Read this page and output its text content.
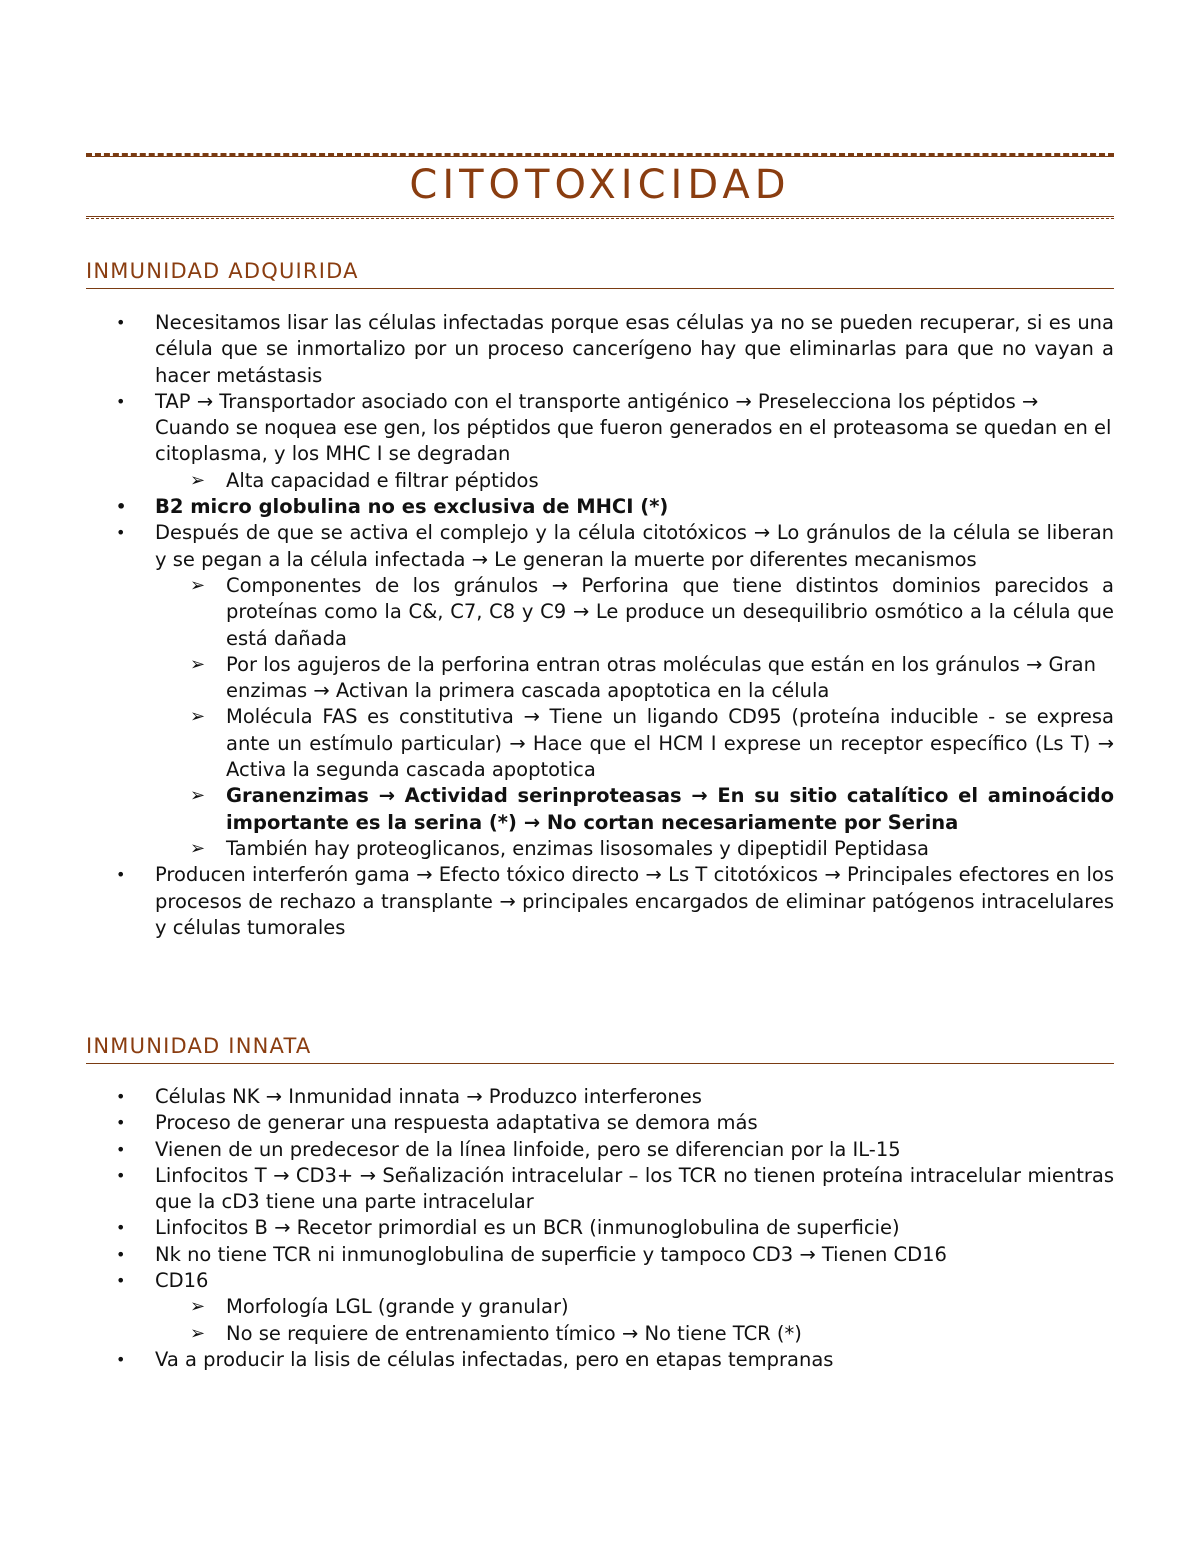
CITOTOXICIDAD
INMUNIDAD ADQUIRIDA
• Necesitamos lisar las células infectadas porque esas células ya no se pueden recuperar, si es una célula que se inmortalizo por un proceso cancerígeno hay que eliminarlas para que no vayan a hacer metástasis
• TAP → Transportador asociado con el transporte antigénico → Preselecciona los péptidos → Cuando se noquea ese gen, los péptidos que fueron generados en el proteasoma se quedan en el citoplasma, y los MHC I se degradan
➢ Alta capacidad e filtrar péptidos
• B2 micro globulina no es exclusiva de MHCI (*)
• Después de que se activa el complejo y la célula citotóxicos → Lo gránulos de la célula se liberan y se pegan a la célula infectada → Le generan la muerte por diferentes mecanismos
➢ Componentes de los gránulos → Perforina que tiene distintos dominios parecidos a proteínas como la C&, C7, C8 y C9 → Le produce un desequilibrio osmótico a la célula que está dañada
➢ Por los agujeros de la perforina entran otras moléculas que están en los gránulos → Gran enzimas → Activan la primera cascada apoptotica en la célula
➢ Molécula FAS es constitutiva → Tiene un ligando CD95 (proteína inducible - se expresa ante un estímulo particular) → Hace que el HCM I exprese un receptor específico (Ls T) → Activa la segunda cascada apoptotica
➢ Granenzimas → Actividad serinproteasas → En su sitio catalítico el aminoácido importante es la serina (*) → No cortan necesariamente por Serina
➢ También hay proteoglicanos, enzimas lisosomales y dipeptidil Peptidasa
• Producen interferón gama → Efecto tóxico directo → Ls T citotóxicos → Principales efectores en los procesos de rechazo a transplante → principales encargados de eliminar patógenos intracelulares y células tumorales
INMUNIDAD INNATA
• Células NK → Inmunidad innata → Produzco interferones
• Proceso de generar una respuesta adaptativa se demora más
• Vienen de un predecesor de la línea linfoide, pero se diferencian por la IL-15
• Linfocitos T → CD3+ → Señalización intracelular – los TCR no tienen proteína intracelular mientras que la cD3 tiene una parte intracelular
• Linfocitos B → Recetor primordial es un BCR (inmunoglobulina de superficie)
• Nk no tiene TCR ni inmunoglobulina de superficie y tampoco CD3 → Tienen CD16
• CD16
➢ Morfología LGL (grande y granular)
➢ No se requiere de entrenamiento tímico → No tiene TCR (*)
• Va a producir la lisis de células infectadas, pero en etapas tempranas
